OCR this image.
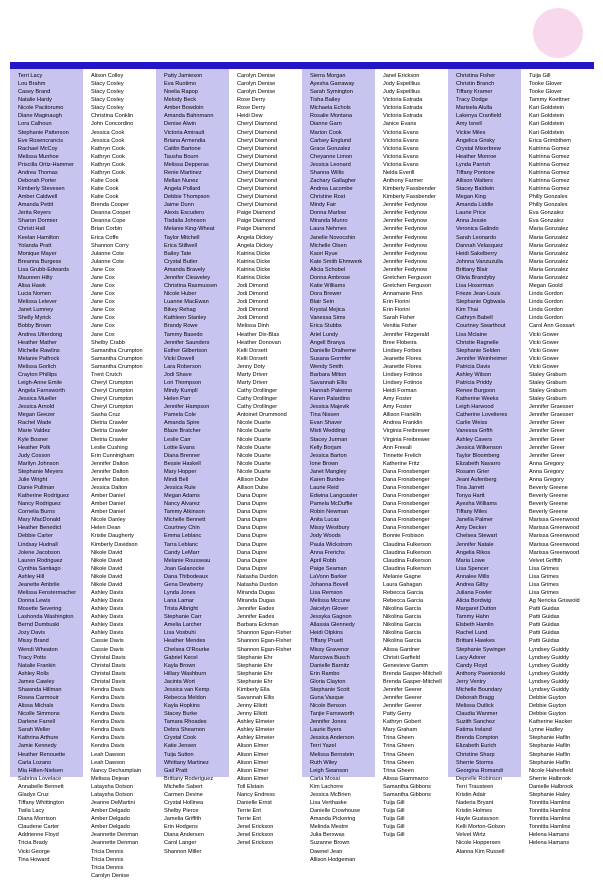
Terri Lacy
Lou Brahm
Casey Brand
Natalie Hardy
Nicole Pacitorumo
Diane Maginaugh
Lora Calhoun
Stephanie Patterson
Eve Rosencrancis
Rachael McCoy
Melissa Munhoe
Priscilla Ortiz-Hammer
Andrea Thomas
Deborah Porter
Kimberly Stevesen
Amber Caldwell
Amanda Pettit
Jerita Reyers
Sharon Dormier
Christi Hall
Keelan Hamilton
Yolanda Pratt
Monique Mayer
Breanna Burgess
Lisa Grubb-Edwards
Maureen Hilty
Alisa Hawk
Lucia Nomen
Melissa Lelever
Janet Lumney
Shelly Myrick
Bobby Brown
Andrea Utterdong
Heather Mather
Michelle Rawlins
Melanie Palfrock
Melissa Gorlich
Crayton Phillips
Leigh-Anne Emile
Angela Farnsworth
Jessica Mueller
Jessica Arnold
Megan Geezer
Rachel Wade
Marie Valdez
Kyle Bosner
Heather Polk
Judy Cosson
Marilyn Johnson
Stephanie Meyers
Julie Wright
Danie Pullman
Katherine Rodriguez
Nancy Rodriguez
Cornelia Burns
Mary MacDonald
Heather Benedict
Debbie Carter
Lindsay Hudnall
Jolene Jacobson
Lauren Rodriguez
Cynthia Santiago
Ashley Hill
Jeanette Ambrile
Melissa Fenstermacher
Donna Lewis
Mosette Severing
Lashonda Washington
Bernd Dumbuski
Jozy Davis
Missy Brand
Wendi Wheaton
Tracy Potts
Natalie Frankin
Ashley Rolls
James Cawley
Shawnda Hillman
Rosea Carmouir
Alissa Michals
Nicolle Simmons
Darlene Farrell
Sarah Weller
Kathrina Arthure
Jamie Kennedy
Heather Renouette
Carla Lozano
Mia Hillen-Nielsen
Sabrina Lovelace
Annabelle Bennett
Gladys Cruz
Tiffany Whittington
Twila Lacy
Diana Morrison
Claudene Carter
Addrienne Floyd
Tricia Brady
Vicki George
Tina Howard
Alison Colley
Stacy Coxley
Stacy Coxley
Stacy Coxley
Stacy Coxley
Christina Conklin
John Concordino
Jessica Cook
Jessica Cook
Kathryn Cook
Kathryn Cook
Kathryn Cook
Kathryn Cook
Katie Cook
Katie Cook
Katie Cook
Brenda Cooper
Deanna Cooper
Deanna Cope
Brian Corbin
Erica Coffe
Shannon Corry
Julanne Cote
Julanne Cote
Jane Cox
Jane Cox
Jane Cox
Jane Cox
Jane Cox
Jane Cox
Jane Cox
Jane Cox
Jane Cox
Shelby Crabb
Samantha Crumpton
Samantha Crumpton
Samantha Crumpton
Trent Crutch
Cheryl Crumpton
Cheryl Crumpton
Cheryl Crumpton
Cheryl Crumpton
Sasha Cruz
Dietria Crawler
Dietria Crawler
Dietria Crawler
Leslie Cushing
Erin Cunningham
Jennifer Dalton
Jennifer Dalton
Jennifer Dalton
Jessica Dalton
Amber Daniel
Amber Daniel
Amber Daniel
Nicole Danley
Helen Dean
Kristie Daugherty
Kimberly Davidson
Nikole David
Nikole David
Nikole David
Nikole David
Nikole David
Ashley Davis
Ashley Davis
Ashley Davis
Ashley Davis
Ashley Davis
Ashley Davis
Cassie Davis
Cassie Davis
Christal Davis
Christal Davis
Christal Davis
Christal Davis
Kendra Davis
Kendra Davis
Kendra Davis
Kendra Davis
Kendra Davis
Kendra Davis
Kendra Davis
Kendra Davis
Leah Dawson
Leah Dawson
Nancy Dechamplain
Melissa Dejean
Lataysha Dotson
Lataysha Dotson
Jeanne DeMartini
Amber Delgado
Amber Delgado
Amber Delgado
Jeannette Denman
Jeannette Denman
Tricia Dennis
Tricia Dennis
Tricia Dennis
Carolyn Denise
Patty Jamieson
Eva Ruotimo
Noelia Rapop
Melody Beck
Amber Bowdoin
Amanda Bahnmann
Denise Alwin
Victoria Amirault
Briana Armendia
Caitlin Bartone
Tausha Bourn
Melissa Depperas
Renie Martinez
Mellan Nunez
Angela Pollard
Debbie Thompson
Jaime Dunn
Alexis Escudero
Tisdalia Johnson
Melanie King-Wheat
Taylor Mitchell
Erica Stillwell
Bailey Tate
Crystal Butler
Amanda Bravely
Jennifer Cleaveley
Christina Rasmussen
Nicole Huber
Luanne MacEwan
Bikey Rehag
Kathleen Stanley
Brandy Rowe
Tammy Basedo
Jennifer Saunders
Esther Gilbertson
Vicki Dowell
Lara Roberson
Jodi Shave
Lori Thompson
Mindy Kumpll
Helen Parr
Jennifer Hampson
Pamela Cole
Amanda Spire
Blaze Bratcher
Leslie Carr
Lottie Evans
Diana Brenner
Bessie Haskell
Mary Hopper
Mindi Bell
Jessica Rule
Megan Adams
Nancy Alvarez
Tammy Atkinson
Michelle Bennett
Courtney Chin
Emma Leblanc
Tarra Leblanc
Candy LeMarr
Melanie Rousseau
Joan Galanocke
Dana Thibodeaux
Gena Dewberry
Lynda Jones
Lana Lamar
Trista Albright
Stephanie Carr
Amelia Larcher
Lisa Vosbuhi
Heather Mendes
Chelsea O'Rourke
Gabriel Kecel
Kayla Brown
Hillary Washburn
Jacinta Wort
Jessica van Kemp
Rebecca Meldon
Kayla Hopkins
Stacey Burke
Tamara Rhoades
Debra Shearnon
Crystal Cook
Katie Jensen
Tuija Sutton
Whittany Martinez
Gail Pratt
Brittany Roderiguez
Michelle Sabert
Carmen Devine
Crystal Hollinea
Shelby Pierce
Jamelia Griffith
Erin Hodgens
Diana Andersen
Carol Langer
Shannon Miller
Carolyn Denise
Carolyn Denise
Carolyn Denise
Rose Derry
Rose Derry
Heidi Dew
Cheryl Diamond
Cheryl Diamond
Cheryl Diamond
Cheryl Diamond
Cheryl Diamond
Cheryl Diamond
Cheryl Diamond
Cheryl Diamond
Cheryl Diamond
Cheryl Diamond
Cheryl Diamond
Paige Diamond
Paige Diamond
Paige Diamond
Angela Dickey
Angela Dickey
Katrina Dicke
Katrina Dicke
Katrina Dicke
Katrina Dicke
Jodi Dimond
Jodi Dimond
Jodi Dimond
Jodi Dimond
Jodi Dimond
Melissa Dinh
Heather Dix-Blas
Heather Donovan
Kelli Dorsett
Kelli Dorsett
Jenny Doty
Marty Driver
Marty Driver
Cathy Drollinger
Cathy Drollinger
Cathy Drollinger
Antoinet Drummond
Nicole Duarte
Nicole Duarte
Nicole Duarte
Nicole Duarte
Nicole Duarte
Nicole Duarte
Nicole Duarte
Allison Dube
Allison Dube
Dana Dupre
Dana Dupre
Dana Dupre
Dana Dupre
Dana Dupre
Dana Dupre
Dana Dupre
Dana Dupre
Dana Dupre
Dana Dupre
Natasha Durdon
Natasha Durdon
Miranda Dugas
Miranda Dugas
Jennifer Eades
Jennifer Eades
Barbara Eckman
Shannon Egan-Fisher
Shannon Egan-Fisher
Shannon Egan-Fisher
Stephanie Ehr
Stephanie Ehr
Stephanie Ehr
Stephanie Ehr
Kimberly Ella
Savannah Ellis
Jenny Elliott
Jenny Elliott
Ashley Elmeier
Ashley Elmeier
Ashley Elmeier
Alison Elmer
Alison Elmer
Alison Elmer
Alison Elmer
Alison Elmer
Toll Elstain
Nancy Endress
Danielle Ernst
Terrie Ent
Terrie Ent
Jenel Erickson
Jenel Erickson
Jenel Erickson
Sierra Morgan
Ayesha Garraway
Sarah Symington
Tisha Bailey
Michaela Echols
Rosalie Montana
Dianne Garn
Marion Cook
Carlsey Englund
Grace Gonzalez
Cheyanne Limon
Jessica Leonard
Shanna Willis
Zachary Gallagher
Andrea Lacombe
Christine Rost
Mindy Fair
Donna Marlow
Miranda Munro
Laura Nehmes
Janelle Novocshin
Michelle Olsen
Kaori Ryue
Kate Smith Ehmwerk
Alicia Schobel
Donna Ambrose
Katie Williams
Dora Brewer
Blair Sein
Krystal Mejica
Vanessa Sims
Erica Stubbs
Ariel Lundy
Angell Branya
Danielle Dralheme
Susana Gormfer
Wendy Smith
Barbara Milton
Savannah Ellis
Hannah Palermo
Karen Palardino
Jessica Majevik
Tina Nissen
Evan Shaver
Misti Wedding
Stacey Jurman
Kelly Borjam
Jessica Barton
Ione Brown
Janet Mangley
Karen Burdeo
Laurie Reid
Edwina Langcaster
Pamela McDuffie
Robin Newman
Anita Lucas
Missy Westbury
Jody Woods
Paula Wickstrom
Anna Frerichs
April Robb
Paige Seaman
LaVonn Barker
Johanna Bovell
Lisa Remson
Melissa Mccune
Jaicelyn Glover
Jessyka Gagnon
Allassia Glennedy
Heidi Olpkins
Tiffany Pruett
Missy Gravenor
Marcowa Busch
Danielle Barnitz
Erin Rambo
Gloria Clayton
Stephanie Scott
Guna Vasque
Nicole Benson
Tanjie Farnsworth
Jennifer Jones
Laurie Byers
Jessica Anderson
Terri Yazel
Melissa Bernstein
Ruth Wiley
Leigh Swanson
Carla Mosai
Kim Lachorre
Jessica McBrien
Lisa Verthaske
Danielle Crowhouse
Amanda Pickering
Melinda Mestre
Julia Berxwas
Suzanne Brown
Dawnel Jean
Allison Hodgeman
Janel Erickson
Jody Espeillius
Judy Espeillius
Victoria Estrada
Victoria Estrada
Victoria Estrada
Janice Evans
Victoria Evans
Victoria Evans
Victoria Evans
Victoria Evans
Victoria Evans
Nelda Everill
Anthony Farmer
Kimberly Fassbender
Kimberly Fassbender
Jennifer Fedynow
Jennifer Fedynow
Jennifer Fedynow
Jennifer Fedynow
Jennifer Fedynow
Jennifer Fedynow
Jennifer Fedynow
Jennifer Fedynow
Jennifer Fedynow
Gretchen Ferguson
Gretchen Ferguson
Annamarie Finn
Erin Fiorini
Erin Fiorini
Sarah Fisher
Venitia Fisher
Jennifer Fitzgerald
Bree Flobeira
Lindsey Forbes
Jeanette Flores
Jeanette Flores
Lindsey Fotinos
Lindsey Fotinos
Heidi Forman
Amy Foster
Amy Foster
Allison Franklin
Andrea Franklin
Virginia Freibrewer
Virginia Freibrewer
Ann Freeall
Tinnette Frelich
Katherine Fritz
Dana Fronsbenger
Dana Fronsbenger
Dana Fronsbenger
Dana Fronsbenger
Dana Fronsbenger
Dana Fronsbenger
Dana Fronsbenger
Dana Fronsbenger
Bonnie Frobison
Claudina Fulkerson
Claudina Fulkerson
Claudina Fulkerson
Claudina Fulkerson
Melanie Gagne
Laura Gahagan
Rebecca Garcia
Rebecca Garcia
Nikolina Garcia
Nikolina Garcia
Nikolina Garcia
Nikolina Garcia
Nikolina Garcia
Alissa Gardner
Christi Garfield
Genevieve Gamm
Brenda Gasper-Mitchell
Brenda Gasper-Mitchell
Jennifer Geerer
Jennifer Geerer
Jennifer Geerer
Patty Gerry
Kathryn Gobert
Mary Graham
Trina Gheen
Trina Gheen
Trina Gheen
Trina Gheen
Trina Gheen
Alissa Giammarco
Samantha Gibbons
Samantha Gibbons
Tuija Gill
Tuija Gill
Tuija Gill
Tuija Gill
Tuija Gill
Christina Fisher
Christin Branch
Tiffany Kramer
Tracy Dodge
Marisela Alulla
Lakenya Cranfield
Amy Isnell
Vickie Miles
Angelica Grisky
Crystal Mixerbrew
Heather Monroe
Lynda Parrish
Tiffany Pontone
Allison Walters
Stacey Baldwin
Megan King
Amanda Liddle
Laurie Price
Anna Jessie
Veronica Galindo
Sarah Leonardo
Dannah Velasquez
Heidi Sakelberry
Johnna Vanzuzulla
Brittany Blair
Olivia Brandyby
Lisa Hoserman
Frieze Jean-Louis
Stephanie Ogbwala
Kim Thai
Cathryn Babell
Courtney Swarthout
Lisa Mclaine
Christie Ragnelle
Stephanie Selden
Jennifer Weinheimer
Patricia Davis
Ashley Wilson
Patricia Priddy
Renee Burgoon
Katherine Weeks
Leigh Harwood
Catherine Lovelieres
Carlie Weiss
Vanessa Grifth
Ashley Cavers
Jessica Wilkenson
Taylor Bloomberg
Elizabeth Navarro
Rosann Grier
Jeani Aufenberg
Tina Jarrett
Tonya Hartt
Ayesha Williams
Tiffany Miles
Janella Palmer
Amy Decker
Chelsea Stewart
Jennifer Natale
Angelia Rikos
Maria Lowe
Lisa Spencer
Annalee Mills
Andrea Gilby
Juliana Fowler
Alicia Bordwig
Margaret Dutton
Tammy Hahn
Elsbeth Hamlin
Rachel Lund
Brittani Hawkes
Stephanie Sywinger
Lacy Adorer
Candy Floyd
Anthony Pawniorski
Jerry Ventry
Michelle Boundary
Deborah Bragg
Melissa Outlick
Claudia Wanmer
Suzith Sanchez
Fatima Ireland
Brenda Compton
Elizabeth Eurich
Christine Sharp
Sherrie Storms
Georgina Romandi
Deprelle Robinson
Terri Trausteen
Kristin Adair
Naderia Bryant
Kristin Holmes
Hayle Gustavson
Kelli Morton-Golson
Velvet Wirtz
Nicole Hoppersen
Alanna Kim Russell
Tuija Gill
Tooke Glover
Tooke Glover
Tammy Koettner
Kari Goldstein
Kari Goldstein
Kari Goldstein
Kari Goldstein
Erica Grimbthem
Katrinna Gomez
Katrinna Gomez
Katrinna Gomez
Katrinna Gomez
Katrinna Gomez
Katrinna Gomez
Philly Gonzales
Philly Gonzales
Eva Gonzalez
Eva Gonzalez
Maria Gonzalez
Maria Gonzalez
Maria Gonzalez
Maria Gonzalez
Maria Gonzalez
Maria Gonzalez
Maria Gonzalez
Megan Goold
Linda Gordon
Linda Gordon
Linda Gordon
Linda Gordon
Carol Ann Gossart
Vicki Gower
Vicki Gower
Vicki Gower
Vicki Gower
Vicki Gower
Staley Graburn
Staley Graburn
Staley Graburn
Staley Graburn
Jennifer Graesser
Jennifer Graesser
Jennifer Greer
Jennifer Greer
Jennifer Greer
Jennifer Greer
Jennifer Greer
Anna Gregory
Anna Gregory
Anna Gregory
Beverly Greene
Beverly Greene
Beverly Greene
Beverly Greene
Marissa Greenwood
Marissa Greenwood
Marissa Greenwood
Marissa Greenwood
Marissa Greenwood
Velvet Griffith
Lisa Grimes
Lisa Grimes
Lisa Grimes
Lisa Grimes
Ag Nericka Griswold
Patti Guidas
Patti Guidas
Patti Guidas
Patti Guidas
Patti Guidas
Lyndsey Guiddy
Lyndsey Guiddy
Lyndsey Guiddy
Lyndsey Guiddy
Lyndsey Guiddy
Lyndsey Guiddy
Debbie Guyton
Debbie Guyton
Debbie Guyton
Katherine Hacker
Lynne Hadley
Stephanie Haflin
Stephanie Haflin
Stephanie Haflin
Stephanie Haflin
Nicole Hahenfield
Sherrie Halbrook
Danielle Halbrook
Stephanie Haley
Tonnitta Hamlins
Tonnitta Hamlins
Tonnitta Hamlins
Tonnitta Hamlins
Helena Hamans
Helena Hamans
